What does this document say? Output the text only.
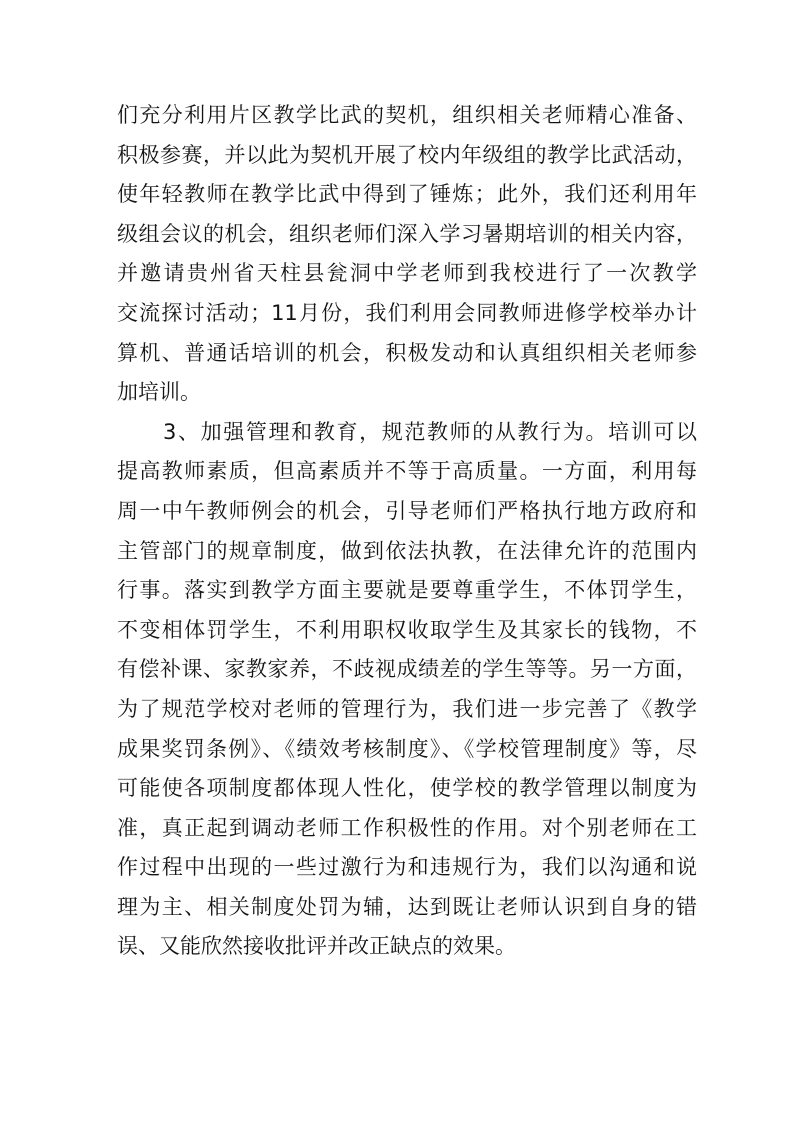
们充分利用片区教学比武的契机，组织相关老师精心准备、
积极参赛，并以此为契机开展了校内年级组的教学比武活动，
使年轻教师在教学比武中得到了锤炼；此外，我们还利用年
级组会议的机会，组织老师们深入学习暑期培训的相关内容，
并邀请贵州省天柱县瓮洞中学老师到我校进行了一次教学
交流探讨活动；11月份，我们利用会同教师进修学校举办计
算机、普通话培训的机会，积极发动和认真组织相关老师参
加培训。
3、加强管理和教育，规范教师的从教行为。培训可以
提高教师素质，但高素质并不等于高质量。一方面，利用每
周一中午教师例会的机会，引导老师们严格执行地方政府和
主管部门的规章制度，做到依法执教，在法律允许的范围内
行事。落实到教学方面主要就是要尊重学生，不体罚学生，
不变相体罚学生，不利用职权收取学生及其家长的钱物，不
有偿补课、家教家养，不歧视成绩差的学生等等。另一方面，
为了规范学校对老师的管理行为，我们进一步完善了《教学
成果奖罚条例》、《绩效考核制度》、《学校管理制度》等，尽
可能使各项制度都体现人性化，使学校的教学管理以制度为
准，真正起到调动老师工作积极性的作用。对个别老师在工
作过程中出现的一些过激行为和违规行为，我们以沟通和说
理为主、相关制度处罚为辅，达到既让老师认识到自身的错
误、又能欣然接收批评并改正缺点的效果。
